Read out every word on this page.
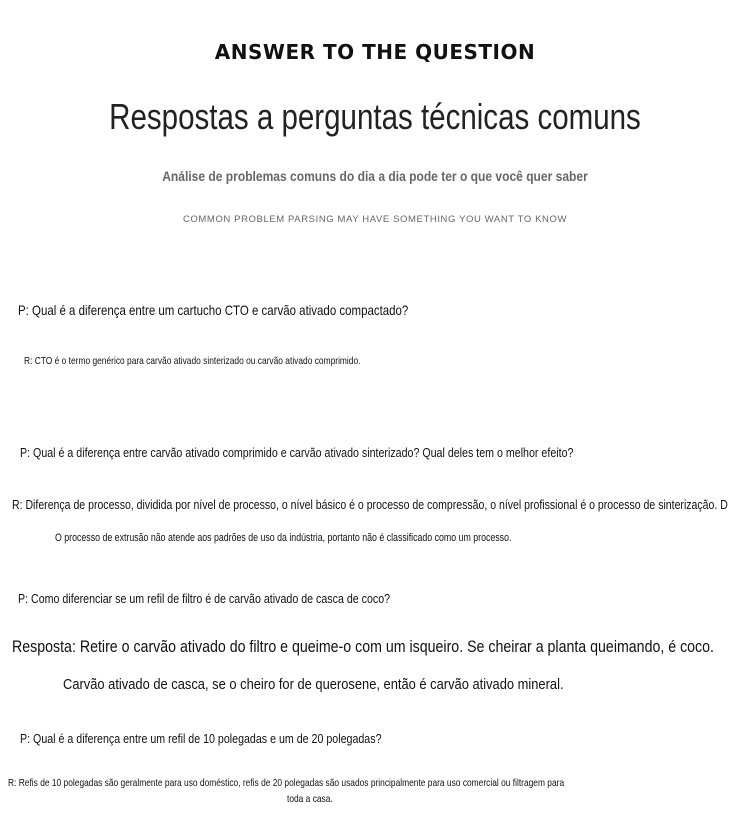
ANSWER TO THE QUESTION
Respostas a perguntas técnicas comuns
Análise de problemas comuns do dia a dia pode ter o que você quer saber
COMMON PROBLEM PARSING MAY HAVE SOMETHING YOU WANT TO KNOW
P: Qual é a diferença entre um cartucho CTO e carvão ativado compactado?
R: CTO é o termo genérico para carvão ativado sinterizado ou carvão ativado comprimido.
P: Qual é a diferença entre carvão ativado comprimido e carvão ativado sinterizado? Qual deles tem o melhor efeito?
R: Diferença de processo, dividida por nível de processo, o nível básico é o processo de compressão, o nível profissional é o processo de sinterização. D
O processo de extrusão não atende aos padrões de uso da indústria, portanto não é classificado como um processo.
P: Como diferenciar se um refil de filtro é de carvão ativado de casca de coco?
Resposta: Retire o carvão ativado do filtro e queime-o com um isqueiro. Se cheirar a planta queimando, é coco.
Carvão ativado de casca, se o cheiro for de querosene, então é carvão ativado mineral.
P: Qual é a diferença entre um refil de 10 polegadas e um de 20 polegadas?
R: Refis de 10 polegadas são geralmente para uso doméstico, refis de 20 polegadas são usados principalmente para uso comercial ou filtragem para
toda a casa.
